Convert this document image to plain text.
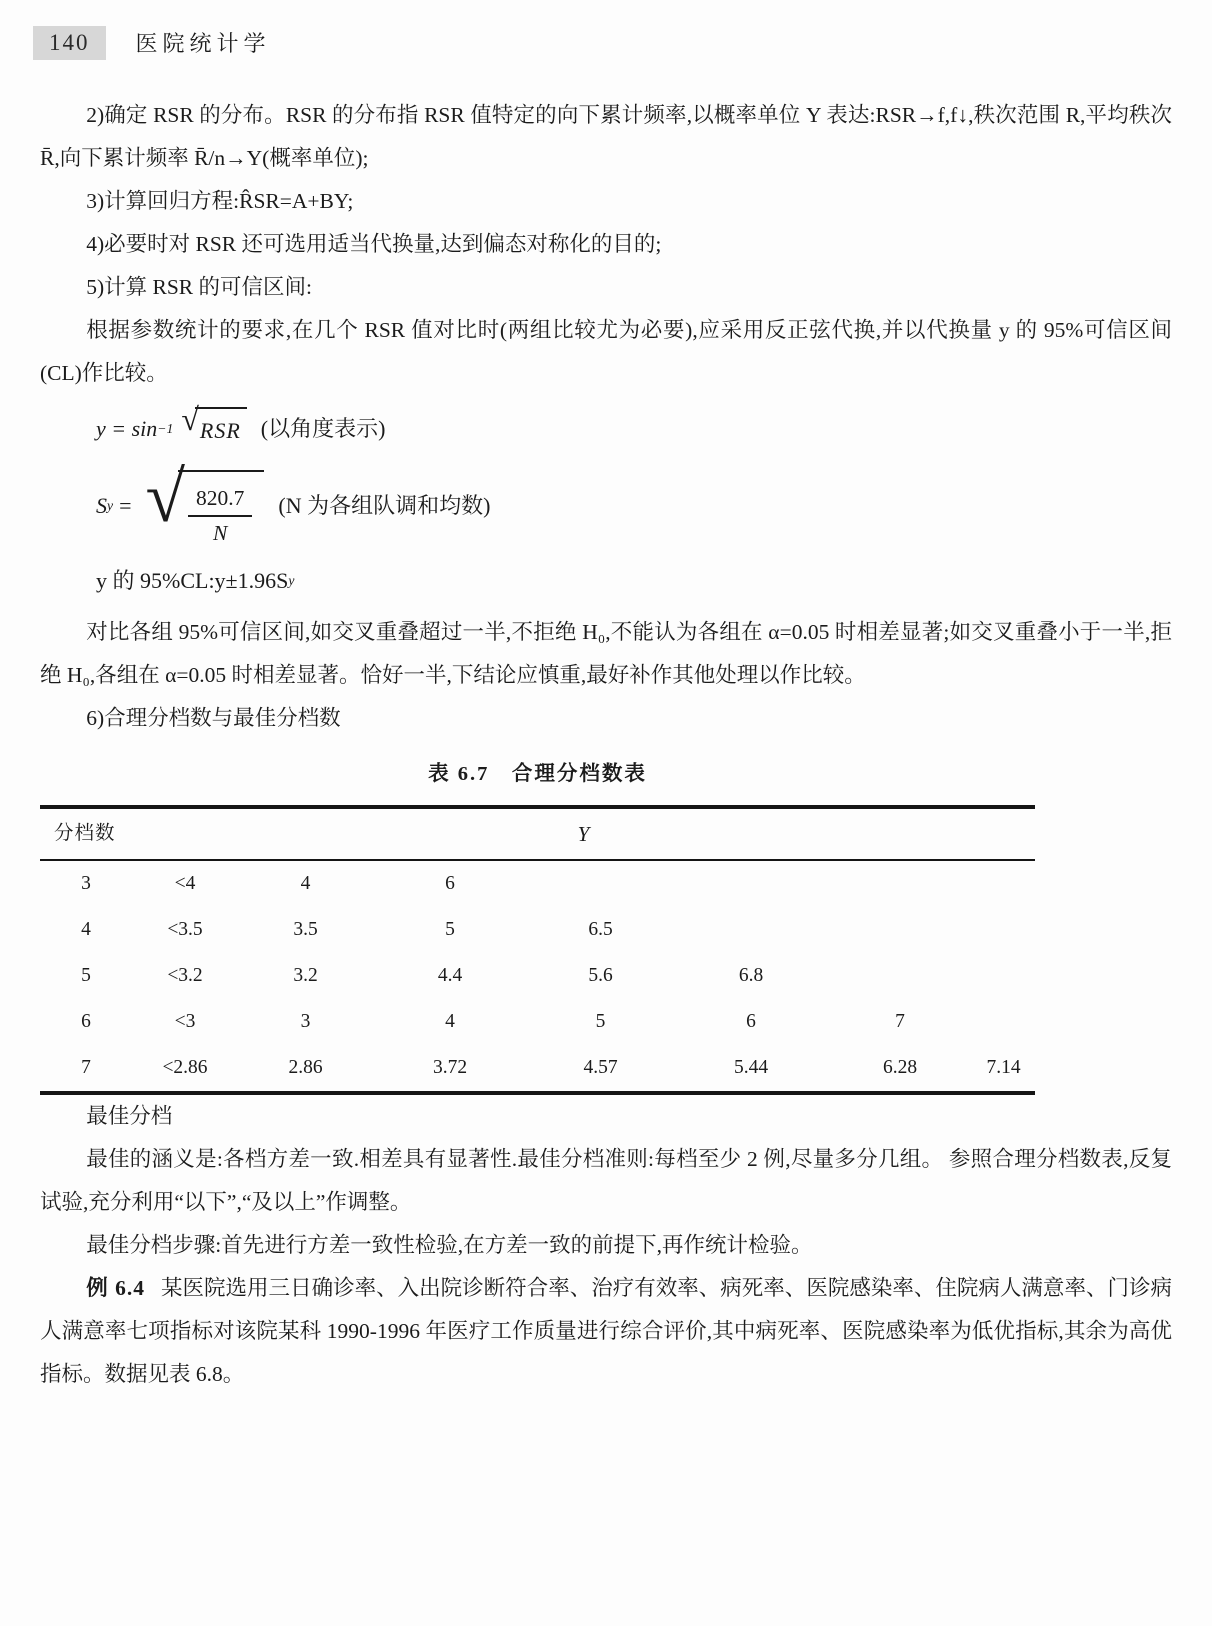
140	医院统计学

2)确定 RSR 的分布。RSR 的分布指 RSR 值特定的向下累计频率,以概率单位 Y 表达:RSR→f,f↓,秩次范围 R,平均秩次 R̄,向下累计频率 R̄/n→Y(概率单位);

3)计算回归方程:R̂SR=A+BY;

4)必要时对 RSR 还可选用适当代换量,达到偏态对称化的目的;

5)计算 RSR 的可信区间:

根据参数统计的要求,在几个 RSR 值对比时(两组比较尤为必要),应采用反正弦代换,并以代换量 y 的 95%可信区间(CL)作比较。

y = sin −1 √ RSR (以角度表示)
S y = √ $\frac{820.7}{N} (N$ 为各组队调和均数)
y 的 95%CL:y±1.96S y

对比各组 95%可信区间,如交叉重叠超过一半,不拒绝 H₀,不能认为各组在 α=0.05 时相差显著;如交叉重叠小于一半,拒绝 H₀,各组在 α=0.05 时相差显著。恰好一半,下结论应慎重,最好补作其他处理以作比较。

6)合理分档数与最佳分档数

表 6.7　合理分档数表
分档数	Y						
3	<4	4	6				
4	<3.5	3.5	5	6.5			
5	<3.2	3.2	4.4	5.6	6.8		
6	<3	3	4	5	6	7	
7	<2.86	2.86	3.72	4.57	5.44	6.28	7.14

最佳分档

最佳的涵义是:各档方差一致.相差具有显著性.最佳分档准则:每档至少 2 例,尽量多分几组。 参照合理分档数表,反复试验,充分利用“以下”,“及以上”作调整。

最佳分档步骤:首先进行方差一致性检验,在方差一致的前提下,再作统计检验。

例 6.4 某医院选用三日确诊率、入出院诊断符合率、治疗有效率、病死率、医院感染率、住院病人满意率、门诊病人满意率七项指标对该院某科 1990-1996 年医疗工作质量进行综合评价,其中病死率、医院感染率为低优指标,其余为高优指标。数据见表 6.8。
